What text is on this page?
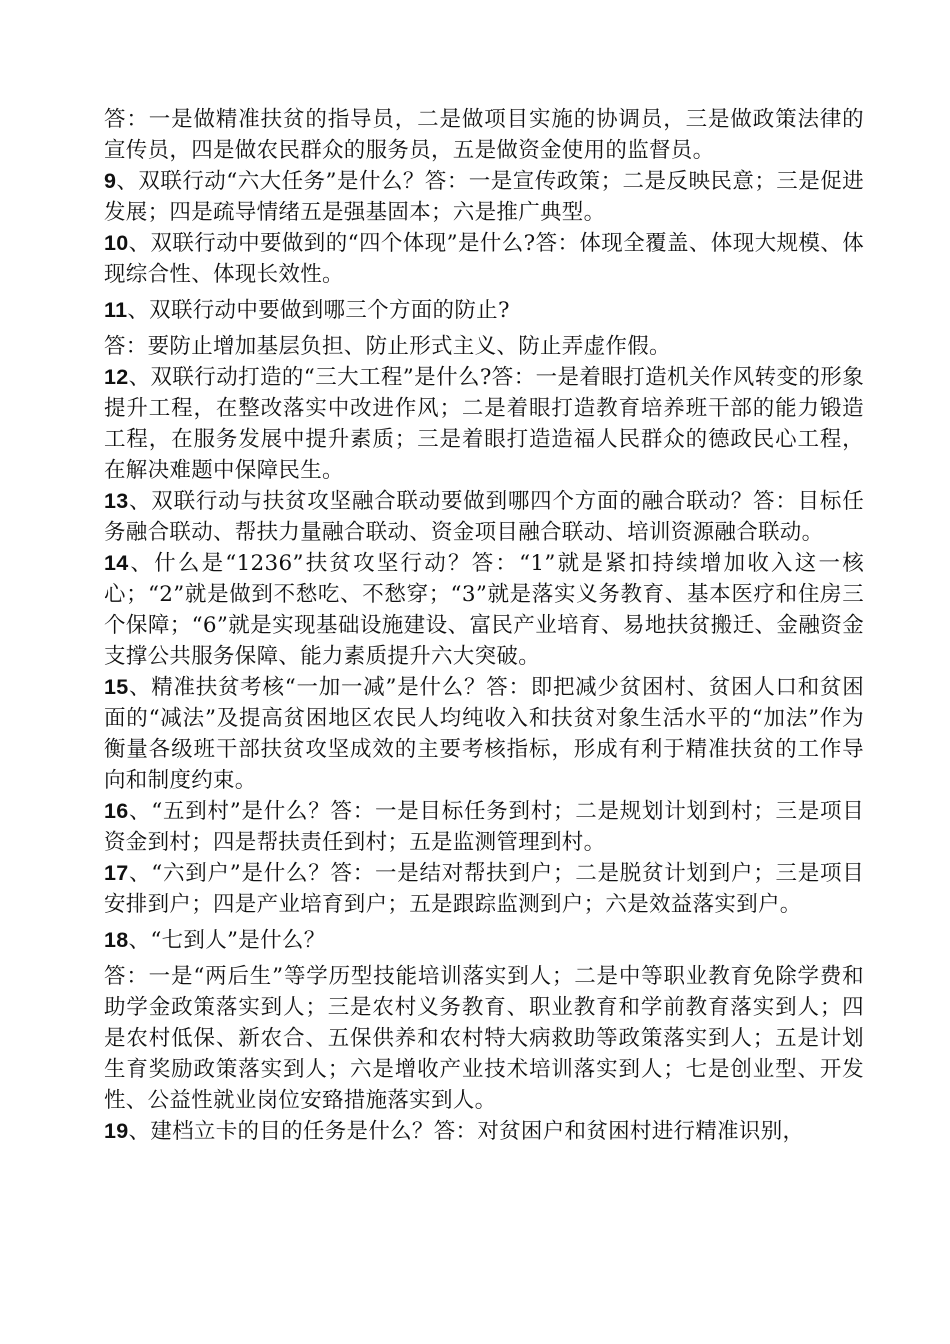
答：一是做精准扶贫的指导员，二是做项目实施的协调员，三是做政策法律的宣传员，四是做农民群众的服务员，五是做资金使用的监督员。

9、双联行动“六大任务”是什么？答：一是宣传政策；二是反映民意；三是促进发展；四是疏导情绪五是强基固本；六是推广典型。

10、双联行动中要做到的“四个体现”是什么?答：体现全覆盖、体现大规模、体现综合性、体现长效性。

11、双联行动中要做到哪三个方面的防止?

答：要防止增加基层负担、防止形式主义、防止弄虚作假。

12、双联行动打造的“三大工程”是什么?答：一是着眼打造机关作风转变的形象提升工程，在整改落实中改进作风；二是着眼打造教育培养班干部的能力锻造工程，在服务发展中提升素质；三是着眼打造造福人民群众的德政民心工程，在解决难题中保障民生。

13、双联行动与扶贫攻坚融合联动要做到哪四个方面的融合联动？答：目标任务融合联动、帮扶力量融合联动、资金项目融合联动、培训资源融合联动。

14、什么是“1236”扶贫攻坚行动？答：“1”就是紧扣持续增加收入这一核心；“2”就是做到不愁吃、不愁穿；“3”就是落实义务教育、基本医疗和住房三个保障；“6”就是实现基础设施建设、富民产业培育、易地扶贫搬迁、金融资金支撑公共服务保障、能力素质提升六大突破。

15、精准扶贫考核“一加一减”是什么？答：即把减少贫困村、贫困人口和贫困面的“减法”及提高贫困地区农民人均纯收入和扶贫对象生活水平的“加法”作为衡量各级班干部扶贫攻坚成效的主要考核指标，形成有利于精准扶贫的工作导向和制度约束。

16、“五到村”是什么？答：一是目标任务到村；二是规划计划到村；三是项目资金到村；四是帮扶责任到村；五是监测管理到村。

17、“六到户”是什么？答：一是结对帮扶到户；二是脱贫计划到户；三是项目安排到户；四是产业培育到户；五是跟踪监测到户；六是效益落实到户。

18、“七到人”是什么？

答：一是“两后生”等学历型技能培训落实到人；二是中等职业教育免除学费和助学金政策落实到人；三是农村义务教育、职业教育和学前教育落实到人；四是农村低保、新农合、五保供养和农村特大病救助等政策落实到人；五是计划生育奖励政策落实到人；六是增收产业技术培训落实到人；七是创业型、开发性、公益性就业岗位安臵措施落实到人。

19、建档立卡的目的任务是什么？答：对贫困户和贫困村进行精准识别，
